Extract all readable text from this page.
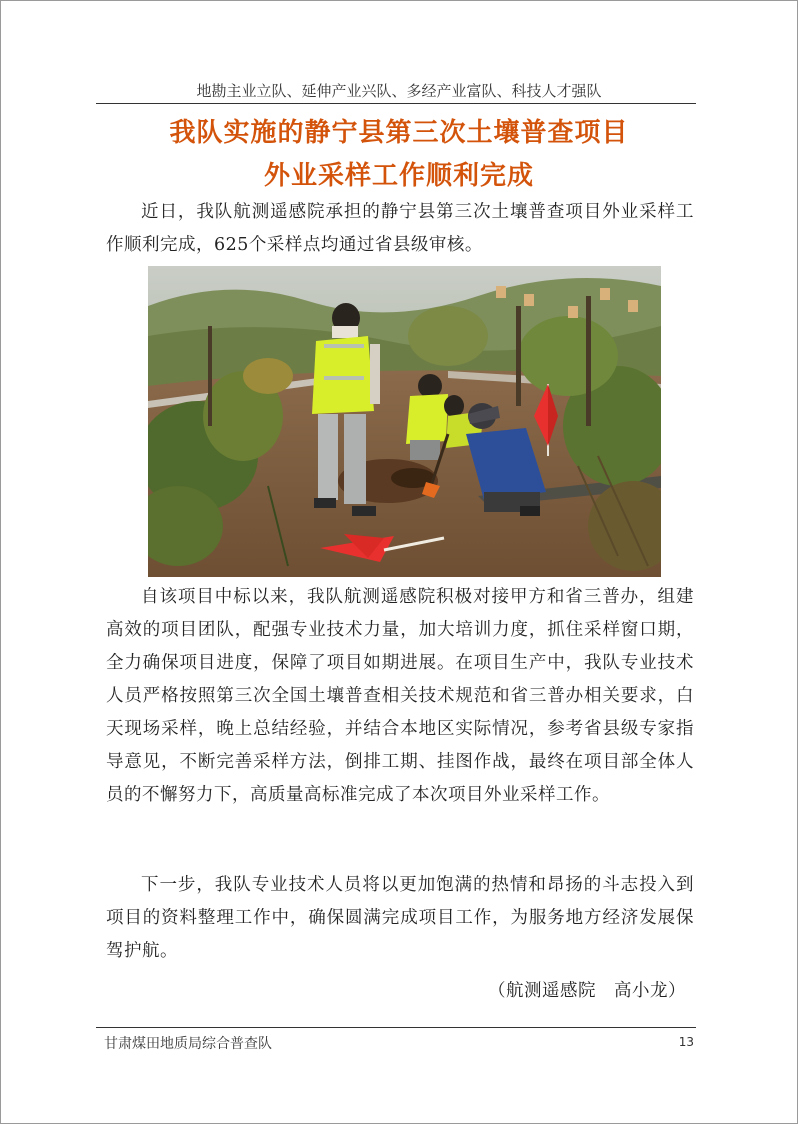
地勘主业立队、延伸产业兴队、多经产业富队、科技人才强队
我队实施的静宁县第三次土壤普查项目
外业采样工作顺利完成

近日，我队航测遥感院承担的静宁县第三次土壤普查项目外业采样工作顺利完成，625个采样点均通过省县级审核。

自该项目中标以来，我队航测遥感院积极对接甲方和省三普办，组建高效的项目团队，配强专业技术力量，加大培训力度，抓住采样窗口期，全力确保项目进度，保障了项目如期进展。在项目生产中，我队专业技术人员严格按照第三次全国土壤普查相关技术规范和省三普办相关要求，白天现场采样，晚上总结经验，并结合本地区实际情况，参考省县级专家指导意见，不断完善采样方法，倒排工期、挂图作战，最终在项目部全体人员的不懈努力下，高质量高标准完成了本次项目外业采样工作。

下一步，我队专业技术人员将以更加饱满的热情和昂扬的斗志投入到项目的资料整理工作中，确保圆满完成项目工作，为服务地方经济发展保驾护航。

（航测遥感院　高小龙）
甘肃煤田地质局综合普查队	13
